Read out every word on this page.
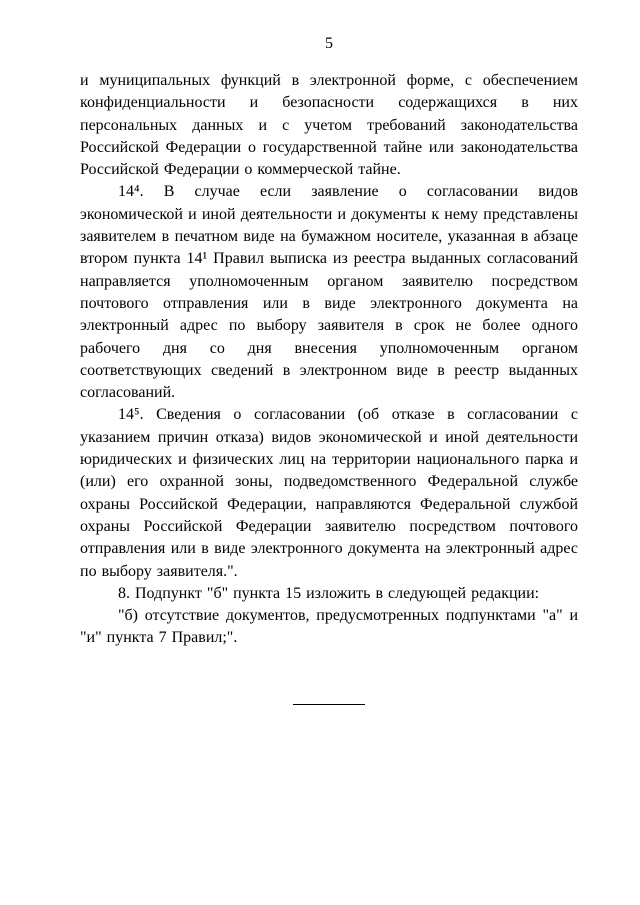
5

и муниципальных функций в электронной форме, с обеспечением конфиденциальности и безопасности содержащихся в них персональных данных и с учетом требований законодательства Российской Федерации о государственной тайне или законодательства Российской Федерации о коммерческой тайне.

14⁴. В случае если заявление о согласовании видов экономической и иной деятельности и документы к нему представлены заявителем в печатном виде на бумажном носителе, указанная в абзаце втором пункта 14¹ Правил выписка из реестра выданных согласований направляется уполномоченным органом заявителю посредством почтового отправления или в виде электронного документа на электронный адрес по выбору заявителя в срок не более одного рабочего дня со дня внесения уполномоченным органом соответствующих сведений в электронном виде в реестр выданных согласований.

14⁵. Сведения о согласовании (об отказе в согласовании с указанием причин отказа) видов экономической и иной деятельности юридических и физических лиц на территории национального парка и (или) его охранной зоны, подведомственного Федеральной службе охраны Российской Федерации, направляются Федеральной службой охраны Российской Федерации заявителю посредством почтового отправления или в виде электронного документа на электронный адрес по выбору заявителя.".

8. Подпункт "б" пункта 15 изложить в следующей редакции:

"б) отсутствие документов, предусмотренных подпунктами "а" и "и" пункта 7 Правил;".
